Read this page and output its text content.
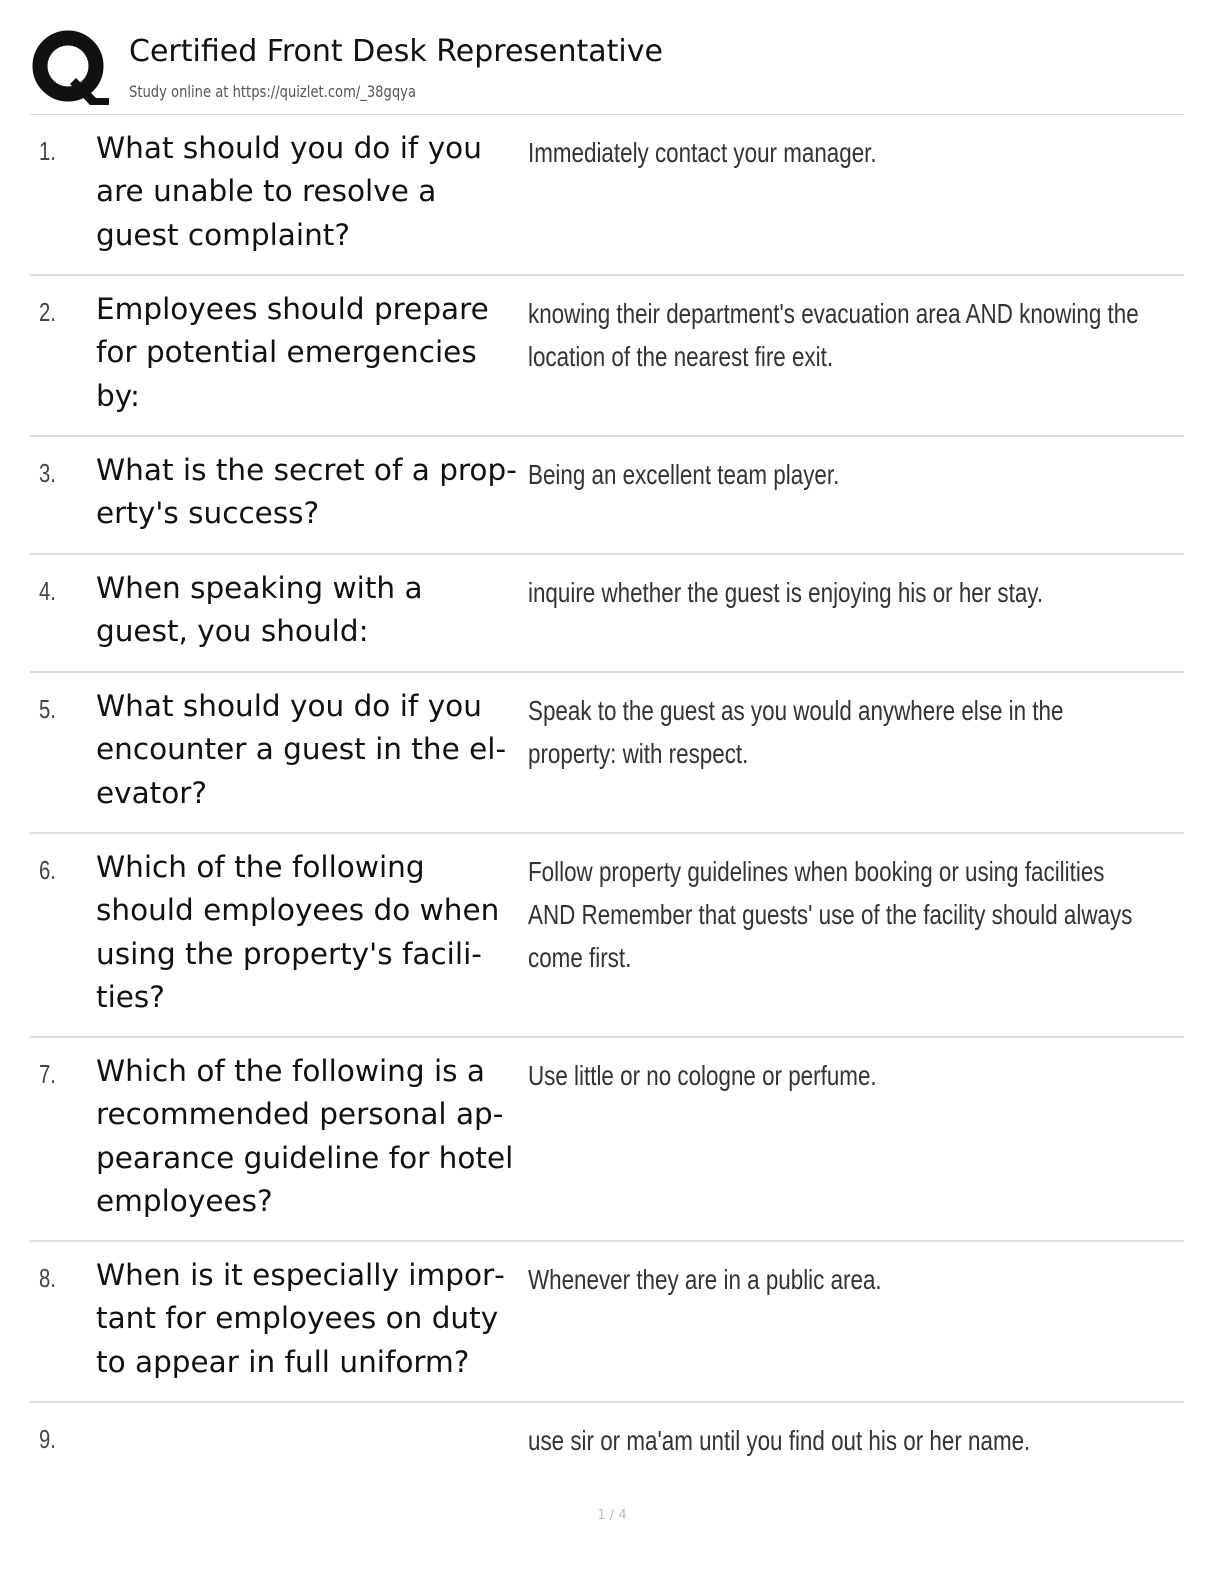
Certified Front Desk Representative
Study online at https://quizlet.com/_38gqya
1. What should you do if you are unable to resolve a guest complaint?
Immediately contact your manager.
2. Employees should prepare for potential emergencies by:
knowing their department's evacuation area AND knowing the location of the nearest fire exit.
3. What is the secret of a property's success?
Being an excellent team player.
4. When speaking with a guest, you should:
inquire whether the guest is enjoying his or her stay.
5. What should you do if you encounter a guest in the elevator?
Speak to the guest as you would anywhere else in the property: with respect.
6. Which of the following should employees do when using the property's facilities?
Follow property guidelines when booking or using facilities AND Remember that guests' use of the facility should always come first.
7. Which of the following is a recommended personal appearance guideline for hotel employees?
Use little or no cologne or perfume.
8. When is it especially important for employees on duty to appear in full uniform?
Whenever they are in a public area.
9.	use sir or ma'am until you find out his or her name.
1 / 4
